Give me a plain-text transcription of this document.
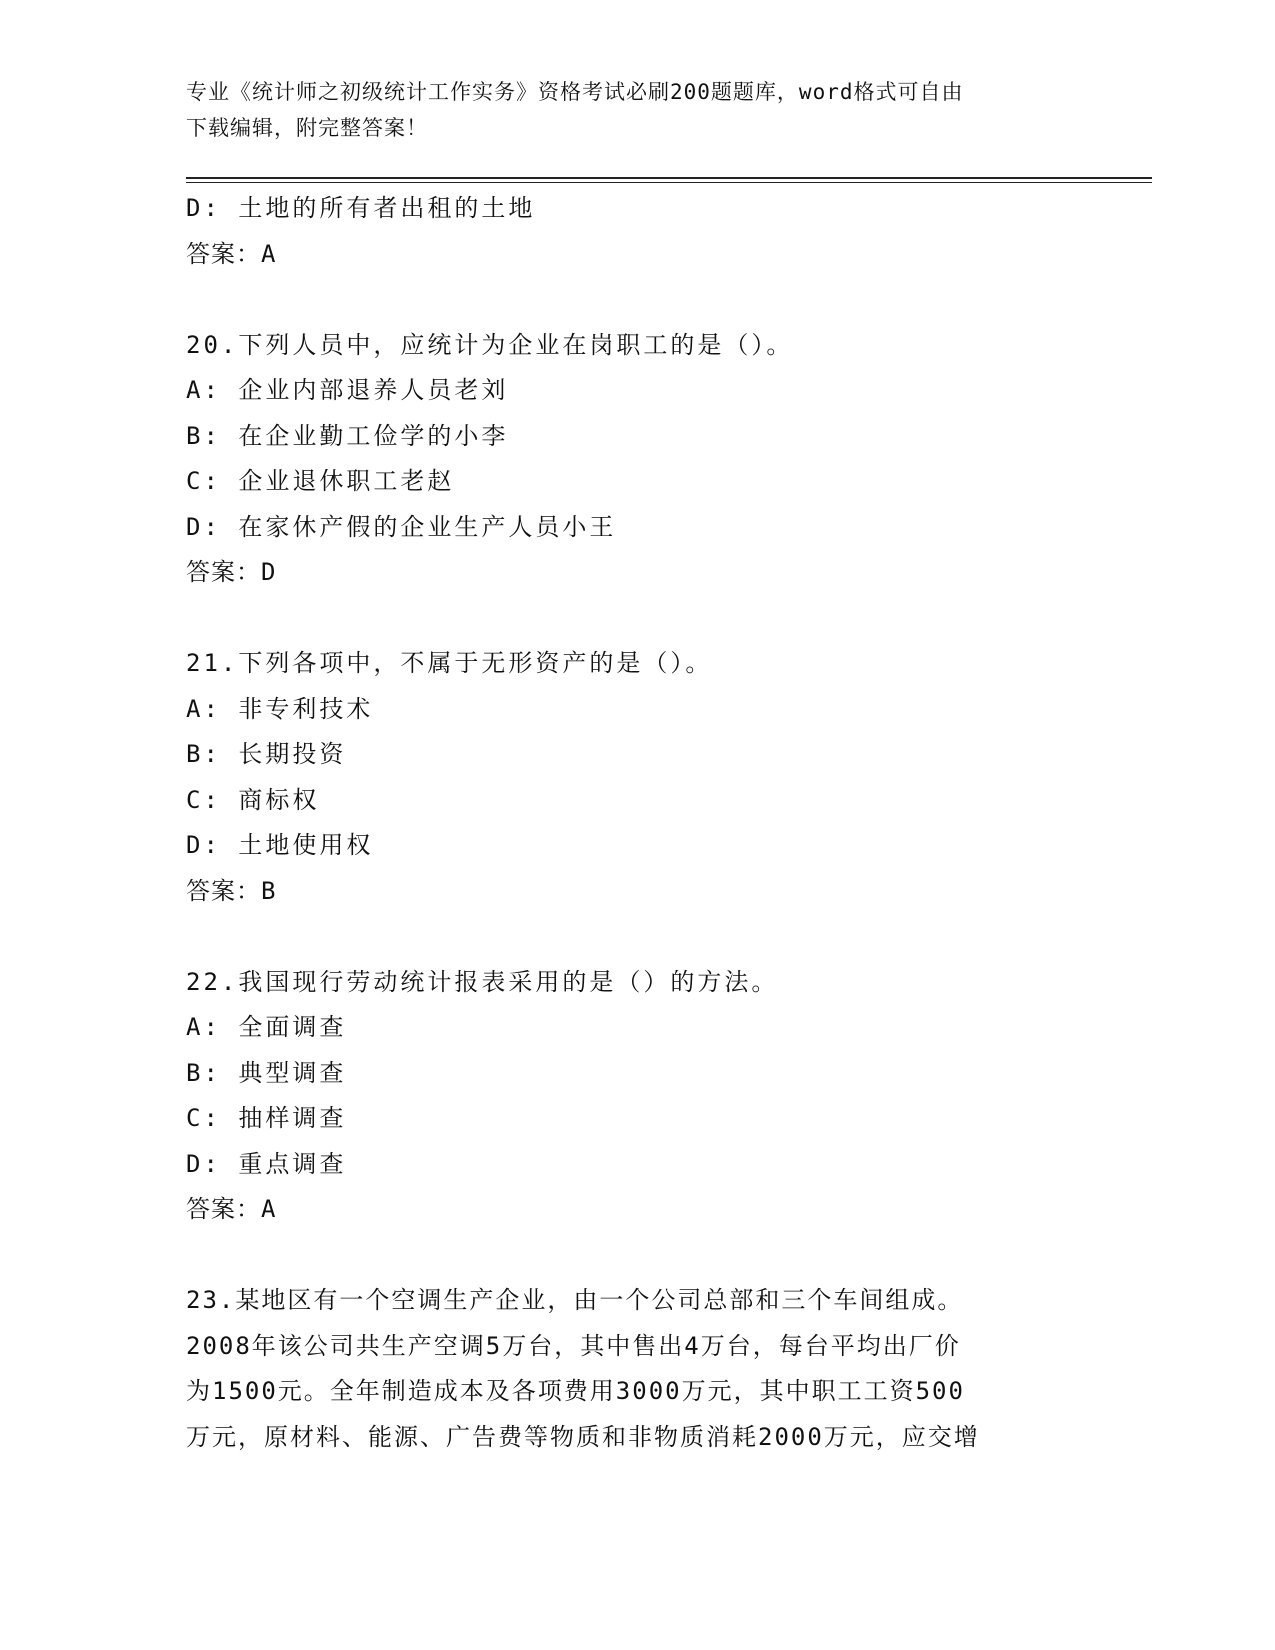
专业《统计师之初级统计工作实务》资格考试必刷200题题库，word格式可自由
下载编辑，附完整答案！
D: 土地的所有者出租的土地
答案：A
20.下列人员中，应统计为企业在岗职工的是（）。
A: 企业内部退养人员老刘
B: 在企业勤工俭学的小李
C: 企业退休职工老赵
D: 在家休产假的企业生产人员小王
答案：D
21.下列各项中，不属于无形资产的是（）。
A: 非专利技术
B: 长期投资
C: 商标权
D: 土地使用权
答案：B
22.我国现行劳动统计报表采用的是（）的方法。
A: 全面调查
B: 典型调查
C: 抽样调查
D: 重点调查
答案：A
23.某地区有一个空调生产企业，由一个公司总部和三个车间组成。
2008年该公司共生产空调5万台，其中售出4万台，每台平均出厂价
为1500元。全年制造成本及各项费用3000万元，其中职工工资500
万元，原材料、能源、广告费等物质和非物质消耗2000万元，应交增
